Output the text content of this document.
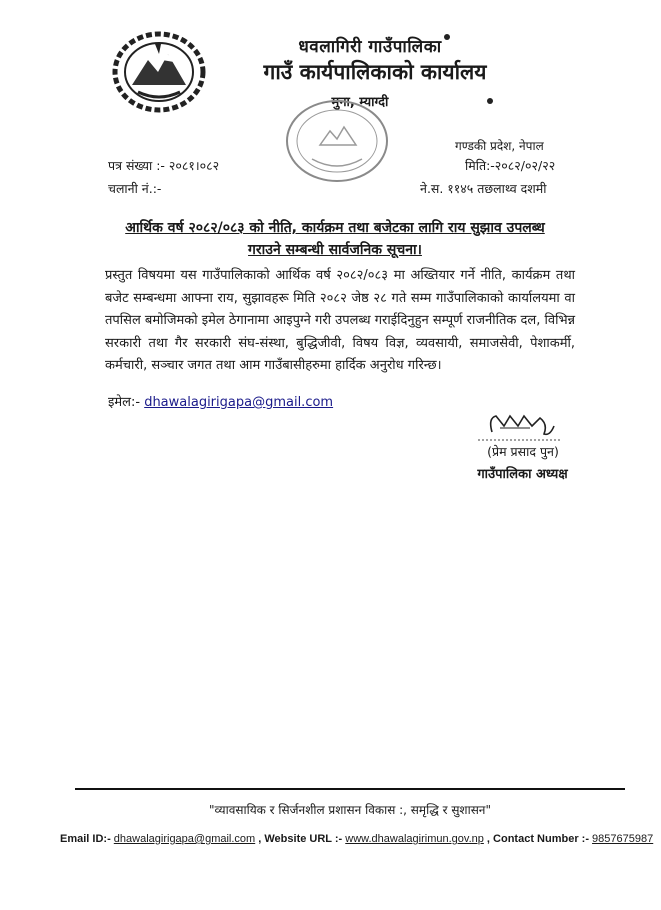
धवलागिरी गाउँपालिका
गाउँ कार्यपालिकाको कार्यालय
मुना, म्याग्दी
गण्डकी प्रदेश, नेपाल
पत्र संख्या :- २०८१।०८२
चलानी नं.:-
मिति:-२०८२/०२/२२
ने.स. ११४५ तछलाथ्व दशमी
आर्थिक वर्ष २०८२/०८३ को नीति, कार्यक्रम तथा बजेटका लागि राय सुझाव उपलब्ध
गराउने सम्बन्धी सार्वजनिक सूचना।
प्रस्तुत विषयमा यस गाउँपालिकाको आर्थिक वर्ष २०८२/०८३ मा अख्तियार गर्ने नीति, कार्यक्रम तथा बजेट सम्बन्धमा आफ्ना राय, सुझावहरू मिति २०८२ जेष्ठ २८ गते सम्म गाउँपालिकाको कार्यालयमा वा तपसिल बमोजिमको इमेल ठेगानामा आइपुग्ने गरी उपलब्ध गराईदिनुहुन सम्पूर्ण राजनीतिक दल, विभिन्न सरकारी तथा गैर सरकारी संघ-संस्था, बुद्धिजीवी, विषय विज्ञ, व्यवसायी, समाजसेवी, पेशाकर्मी, कर्मचारी, सञ्चार जगत तथा आम गाउँबासीहरुमा हार्दिक अनुरोध गरिन्छ।
इमेल:- dhawalagirigapa@gmail.com
(प्रेम प्रसाद पुन)
गाउँपालिका अध्यक्ष
"व्यावसायिक र सिर्जनशील प्रशासन विकास :, समृद्धि र सुशासन"
Email ID:- dhawalagirigapa@gmail.com , Website URL :- www.dhawalagirimun.gov.np , Contact Number :- 9857675987
